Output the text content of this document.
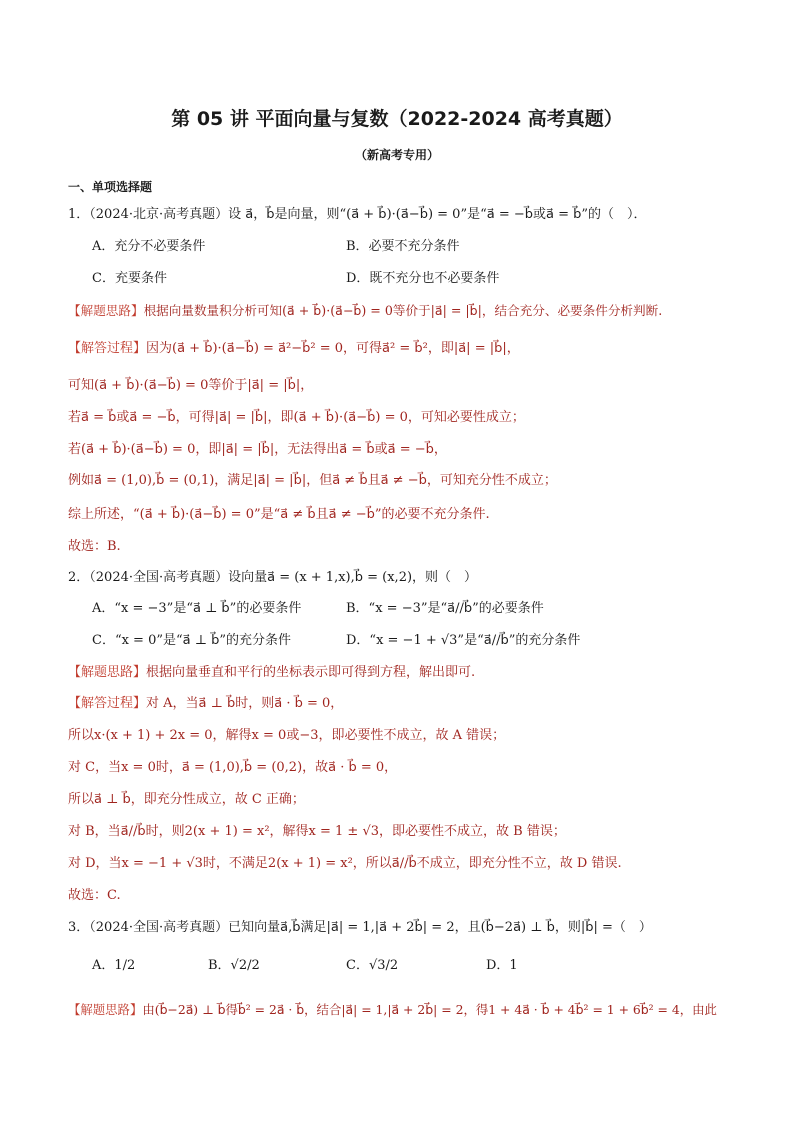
第 05 讲 平面向量与复数（2022-2024 高考真题）
（新高考专用）
一、单项选择题
1．（2024·北京·高考真题）设 a⃗，b⃗是向量，则“(a⃗ + b⃗)·(a⃗−b⃗) = 0”是“a⃗ = −b⃗或a⃗ = b⃗”的（　）．
A．充分不必要条件	B．必要不充分条件
C．充要条件	D．既不充分也不必要条件
【解题思路】根据向量数量积分析可知(a⃗ + b⃗)·(a⃗−b⃗) = 0等价于|a⃗| = |b⃗|，结合充分、必要条件分析判断.
【解答过程】因为(a⃗ + b⃗)·(a⃗−b⃗) = a⃗²−b⃗² = 0，可得a⃗² = b⃗²，即|a⃗| = |b⃗|，
可知(a⃗ + b⃗)·(a⃗−b⃗) = 0等价于|a⃗| = |b⃗|，
若a⃗ = b⃗或a⃗ = −b⃗，可得|a⃗| = |b⃗|，即(a⃗ + b⃗)·(a⃗−b⃗) = 0，可知必要性成立；
若(a⃗ + b⃗)·(a⃗−b⃗) = 0，即|a⃗| = |b⃗|，无法得出a⃗ = b⃗或a⃗ = −b⃗，
例如a⃗ = (1,0),b⃗ = (0,1)，满足|a⃗| = |b⃗|，但a⃗ ≠ b⃗且a⃗ ≠ −b⃗，可知充分性不成立；
综上所述，“(a⃗ + b⃗)·(a⃗−b⃗) = 0”是“a⃗ ≠ b⃗且a⃗ ≠ −b⃗”的必要不充分条件.
故选：B.
2．（2024·全国·高考真题）设向量a⃗ = (x + 1,x),b⃗ = (x,2)，则（　）
A．“x = −3”是“a⃗ ⊥ b⃗”的必要条件	B．“x = −3”是“a⃗//b⃗”的必要条件
C．“x = 0”是“a⃗ ⊥ b⃗”的充分条件	D．“x = −1 + √3”是“a⃗//b⃗”的充分条件
【解题思路】根据向量垂直和平行的坐标表示即可得到方程，解出即可.
【解答过程】对 A，当a⃗ ⊥ b⃗时，则a⃗ · b⃗ = 0，
所以x·(x + 1) + 2x = 0，解得x = 0或−3，即必要性不成立，故 A 错误；
对 C，当x = 0时，a⃗ = (1,0),b⃗ = (0,2)，故a⃗ · b⃗ = 0，
所以a⃗ ⊥ b⃗，即充分性成立，故 C 正确；
对 B，当a⃗//b⃗时，则2(x + 1) = x²，解得x = 1 ± √3，即必要性不成立，故 B 错误；
对 D，当x = −1 + √3时，不满足2(x + 1) = x²，所以a⃗//b⃗不成立，即充分性不立，故 D 错误.
故选：C.
3．（2024·全国·高考真题）已知向量a⃗,b⃗满足|a⃗| = 1,|a⃗ + 2b⃗| = 2，且(b⃗−2a⃗) ⊥ b⃗，则|b⃗| =（　）
A．1/2	B．√2/2	C．√3/2	D．1
【解题思路】由(b⃗−2a⃗) ⊥ b⃗得b⃗² = 2a⃗ · b⃗，结合|a⃗| = 1,|a⃗ + 2b⃗| = 2，得1 + 4a⃗ · b⃗ + 4b⃗² = 1 + 6b⃗² = 4，由此
